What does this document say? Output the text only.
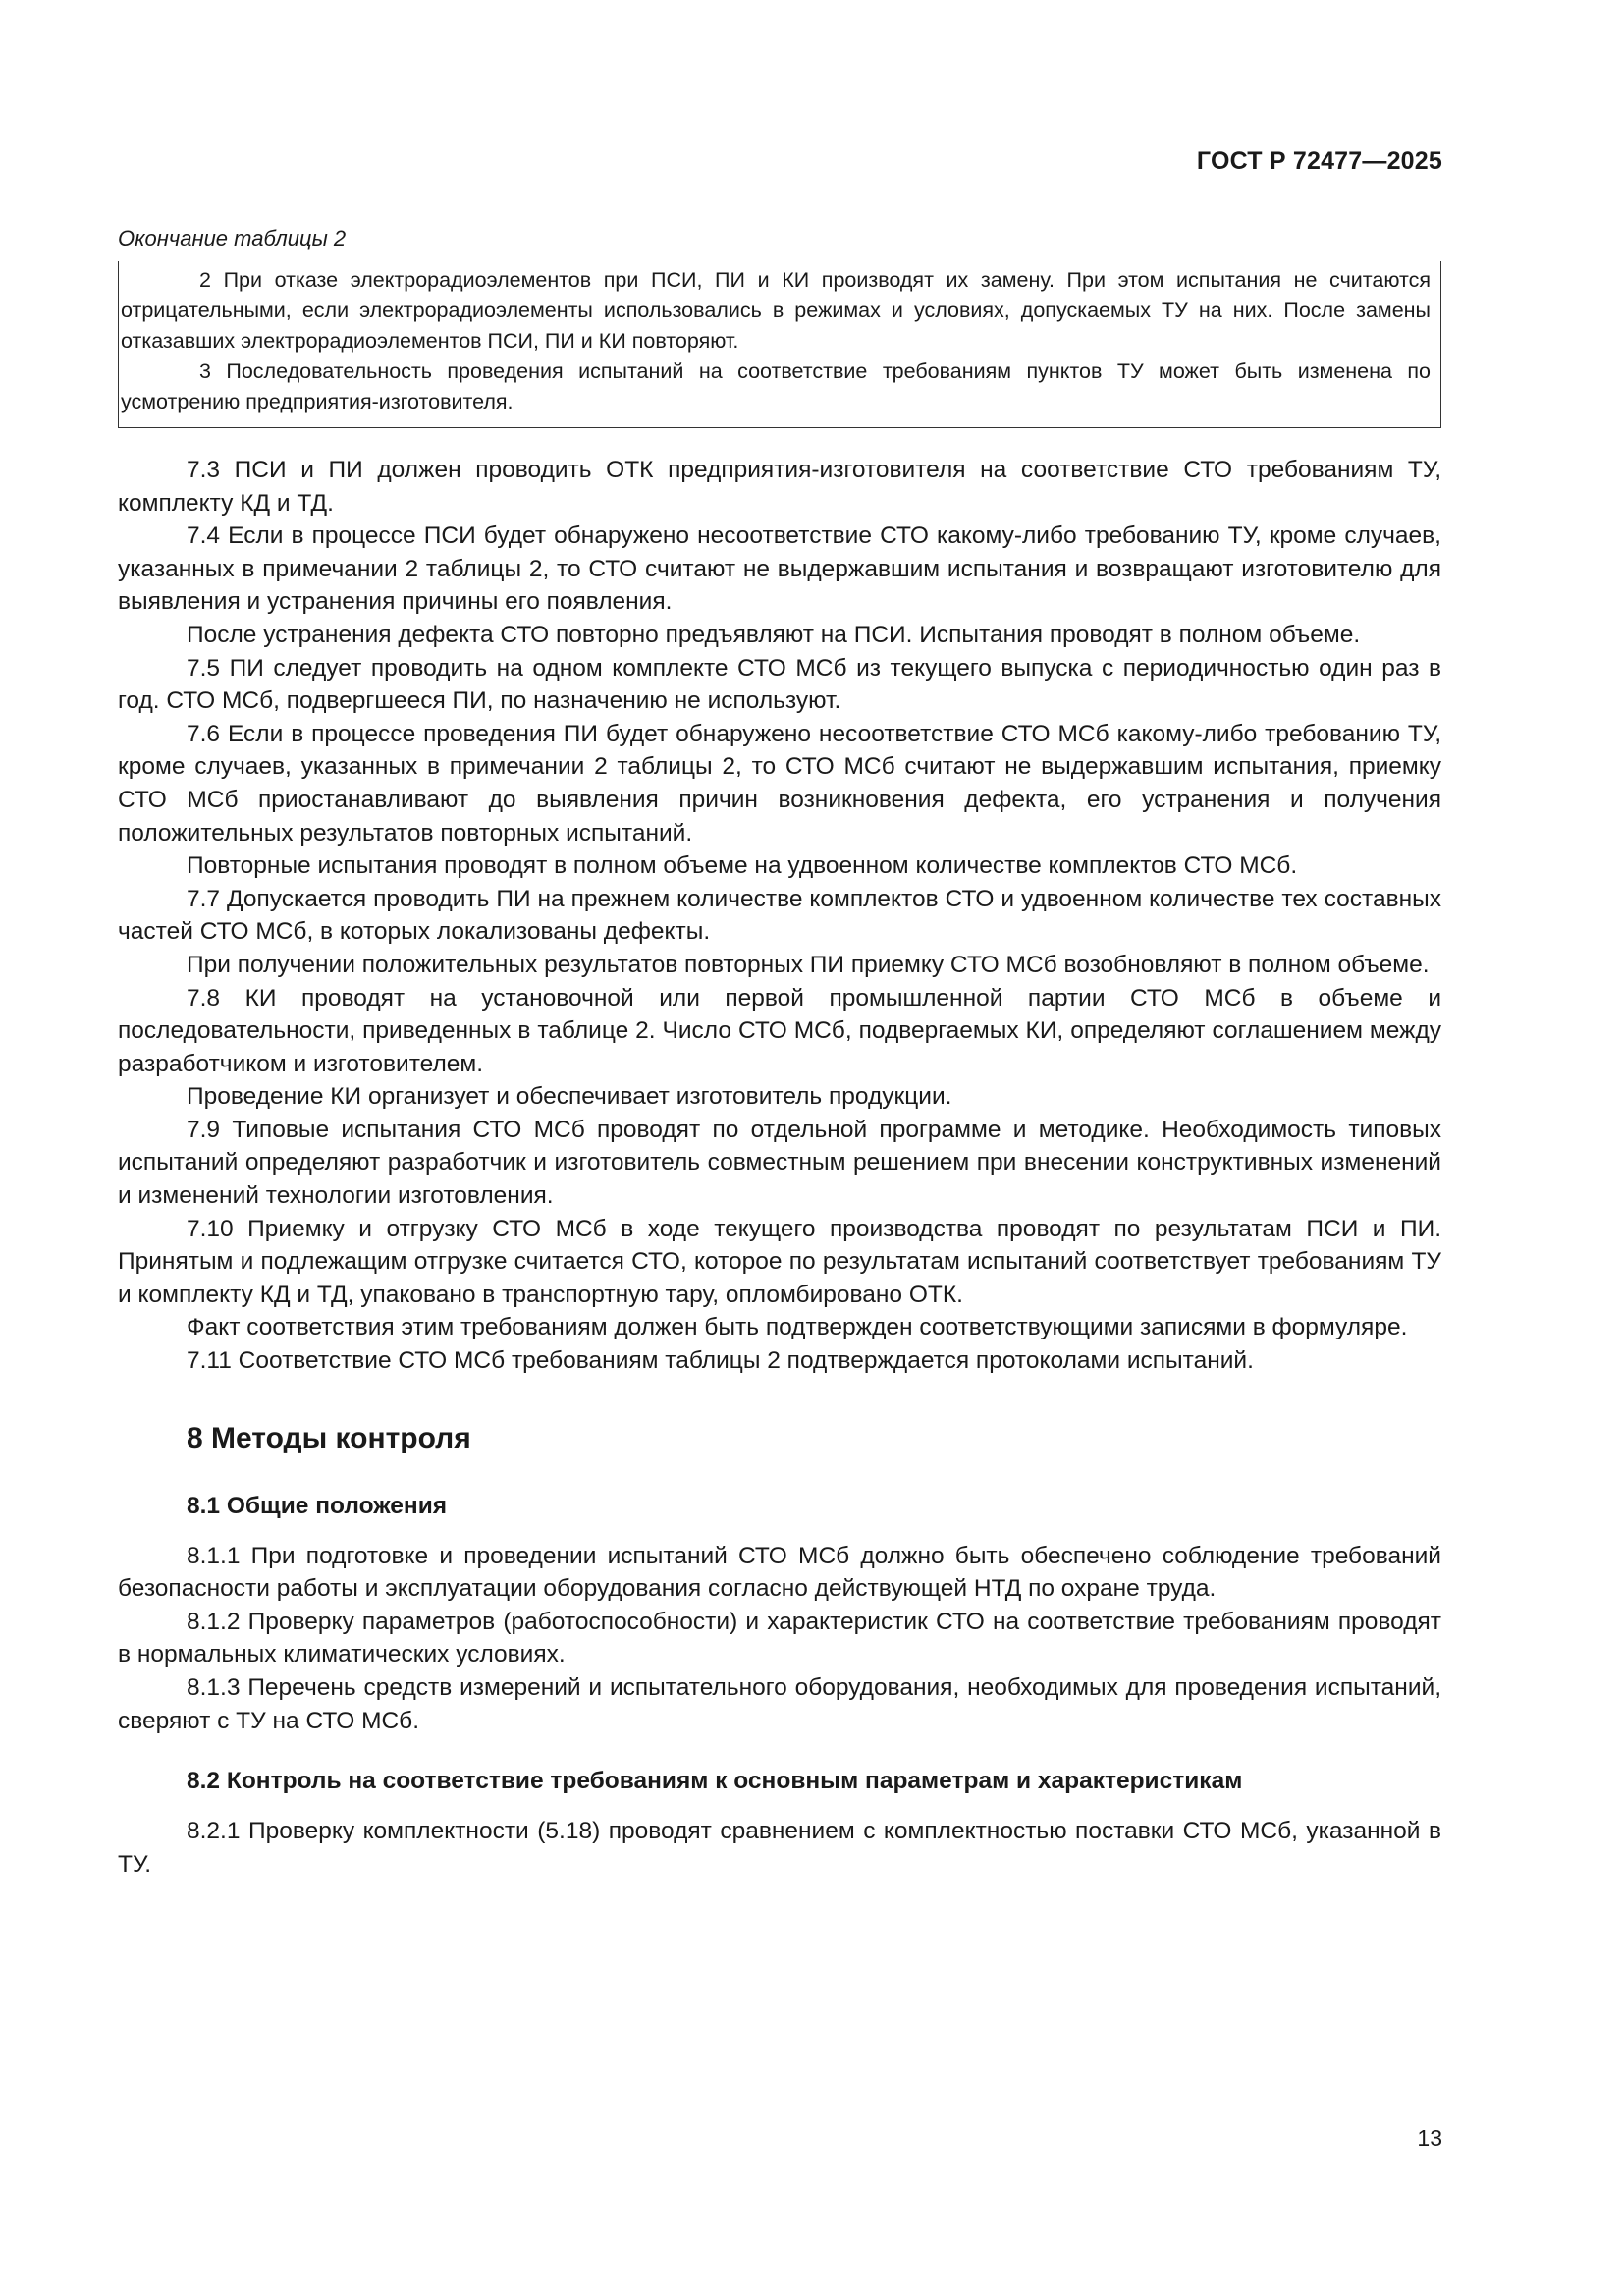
ГОСТ Р 72477—2025
Окончание таблицы 2

2 При отказе электрорадиоэлементов при ПСИ, ПИ и КИ производят их замену. При этом испытания не считаются отрицательными, если электрорадиоэлементы использовались в режимах и условиях, допускаемых ТУ на них. После замены отказавших электрорадиоэлементов ПСИ, ПИ и КИ повторяют.

3 Последовательность проведения испытаний на соответствие требованиям пунктов ТУ может быть изменена по усмотрению предприятия-изготовителя.

7.3 ПСИ и ПИ должен проводить ОТК предприятия-изготовителя на соответствие СТО требованиям ТУ, комплекту КД и ТД.

7.4 Если в процессе ПСИ будет обнаружено несоответствие СТО какому-либо требованию ТУ, кроме случаев, указанных в примечании 2 таблицы 2, то СТО считают не выдержавшим испытания и возвращают изготовителю для выявления и устранения причины его появления.

После устранения дефекта СТО повторно предъявляют на ПСИ. Испытания проводят в полном объеме.

7.5 ПИ следует проводить на одном комплекте СТО МСб из текущего выпуска с периодичностью один раз в год. СТО МСб, подвергшееся ПИ, по назначению не используют.

7.6 Если в процессе проведения ПИ будет обнаружено несоответствие СТО МСб какому-либо требованию ТУ, кроме случаев, указанных в примечании 2 таблицы 2, то СТО МСб считают не выдержавшим испытания, приемку СТО МСб приостанавливают до выявления причин возникновения дефекта, его устранения и получения положительных результатов повторных испытаний.

Повторные испытания проводят в полном объеме на удвоенном количестве комплектов СТО МСб.

7.7 Допускается проводить ПИ на прежнем количестве комплектов СТО и удвоенном количестве тех составных частей СТО МСб, в которых локализованы дефекты.

При получении положительных результатов повторных ПИ приемку СТО МСб возобновляют в полном объеме.

7.8 КИ проводят на установочной или первой промышленной партии СТО МСб в объеме и последовательности, приведенных в таблице 2. Число СТО МСб, подвергаемых КИ, определяют соглашением между разработчиком и изготовителем.

Проведение КИ организует и обеспечивает изготовитель продукции.

7.9 Типовые испытания СТО МСб проводят по отдельной программе и методике. Необходимость типовых испытаний определяют разработчик и изготовитель совместным решением при внесении конструктивных изменений и изменений технологии изготовления.

7.10 Приемку и отгрузку СТО МСб в ходе текущего производства проводят по результатам ПСИ и ПИ. Принятым и подлежащим отгрузке считается СТО, которое по результатам испытаний соответствует требованиям ТУ и комплекту КД и ТД, упаковано в транспортную тару, опломбировано ОТК.

Факт соответствия этим требованиям должен быть подтвержден соответствующими записями в формуляре.

7.11 Соответствие СТО МСб требованиям таблицы 2 подтверждается протоколами испытаний.

8 Методы контроля
8.1 Общие положения

8.1.1 При подготовке и проведении испытаний СТО МСб должно быть обеспечено соблюдение требований безопасности работы и эксплуатации оборудования согласно действующей НТД по охране труда.

8.1.2 Проверку параметров (работоспособности) и характеристик СТО на соответствие требованиям проводят в нормальных климатических условиях.

8.1.3 Перечень средств измерений и испытательного оборудования, необходимых для проведения испытаний, сверяют с ТУ на СТО МСб.

8.2 Контроль на соответствие требованиям к основным параметрам и характеристикам

8.2.1 Проверку комплектности (5.18) проводят сравнением с комплектностью поставки СТО МСб, указанной в ТУ.

13
